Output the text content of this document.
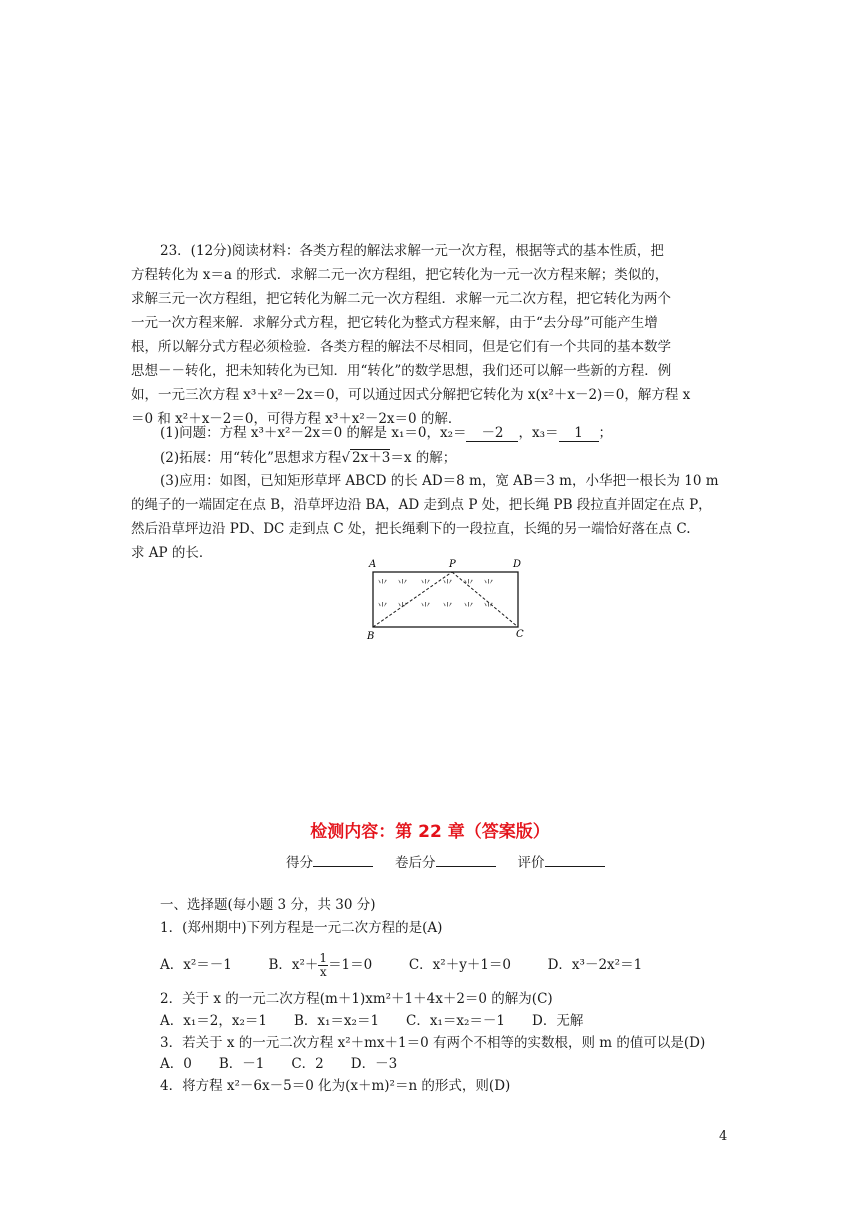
23．(12分)阅读材料：各类方程的解法求解一元一次方程，根据等式的基本性质，把
方程转化为 x＝a 的形式．求解二元一次方程组，把它转化为一元一次方程来解；类似的，
求解三元一次方程组，把它转化为解二元一次方程组．求解一元二次方程，把它转化为两个
一元一次方程来解．求解分式方程，把它转化为整式方程来解，由于“去分母”可能产生增
根，所以解分式方程必须检验．各类方程的解法不尽相同，但是它们有一个共同的基本数学
思想－－转化，把未知转化为已知．用“转化”的数学思想，我们还可以解一些新的方程．例
如，一元三次方程 x³＋x²－2x＝0，可以通过因式分解把它转化为 x(x²＋x－2)＝0，解方程 x
＝0 和 x²＋x－2＝0，可得方程 x³＋x²－2x＝0 的解．
(1)问题：方程 x³＋x²－2x＝0 的解是 x₁＝0，x₂＝ －2 ，x₃＝ 1 ；
(2)拓展：用“转化”思想求方程√ 2x＋3＝x 的解；
(3)应用：如图，已知矩形草坪 ABCD 的长 AD＝8 m，宽 AB＝3 m，小华把一根长为 10 m
的绳子的一端固定在点 B，沿草坪边沿 BA，AD 走到点 P 处，把长绳 PB 段拉直并固定在点 P，
然后沿草坪边沿 PD、DC 走到点 C 处，把长绳剩下的一段拉直，长绳的另一端恰好落在点 C.
求 AP 的长．
⺌ ⺌ ⺌ ⺌ ⺌ ⺌
⺌ ⺌ ⺌ ⺌ ⺌ ⺌
A	P	D
B	C
检测内容：第 22 章（答案版）
得分	卷后分	评价
一、选择题(每小题 3 分，共 30 分)
1．(郑州期中)下列方程是一元二次方程的是(A)
A．x²＝－1	B．$x^2+ \frac{1}{x} =1=0$	C．x²＋y＋1＝0	D．x³－2x²＝1
2．关于 x 的一元二次方程(m＋1)xm²＋1＋4x＋2＝0 的解为(C)
A．x₁＝2，x₂＝1　　B．x₁＝x₂＝1　　C．x₁＝x₂＝－1　　D．无解
3．若关于 x 的一元二次方程 x²＋mx＋1＝0 有两个不相等的实数根，则 m 的值可以是(D)
A．0　　B．－1　　C．2　　D．－3
4．将方程 x²－6x－5＝0 化为(x＋m)²＝n 的形式，则(D)
4
